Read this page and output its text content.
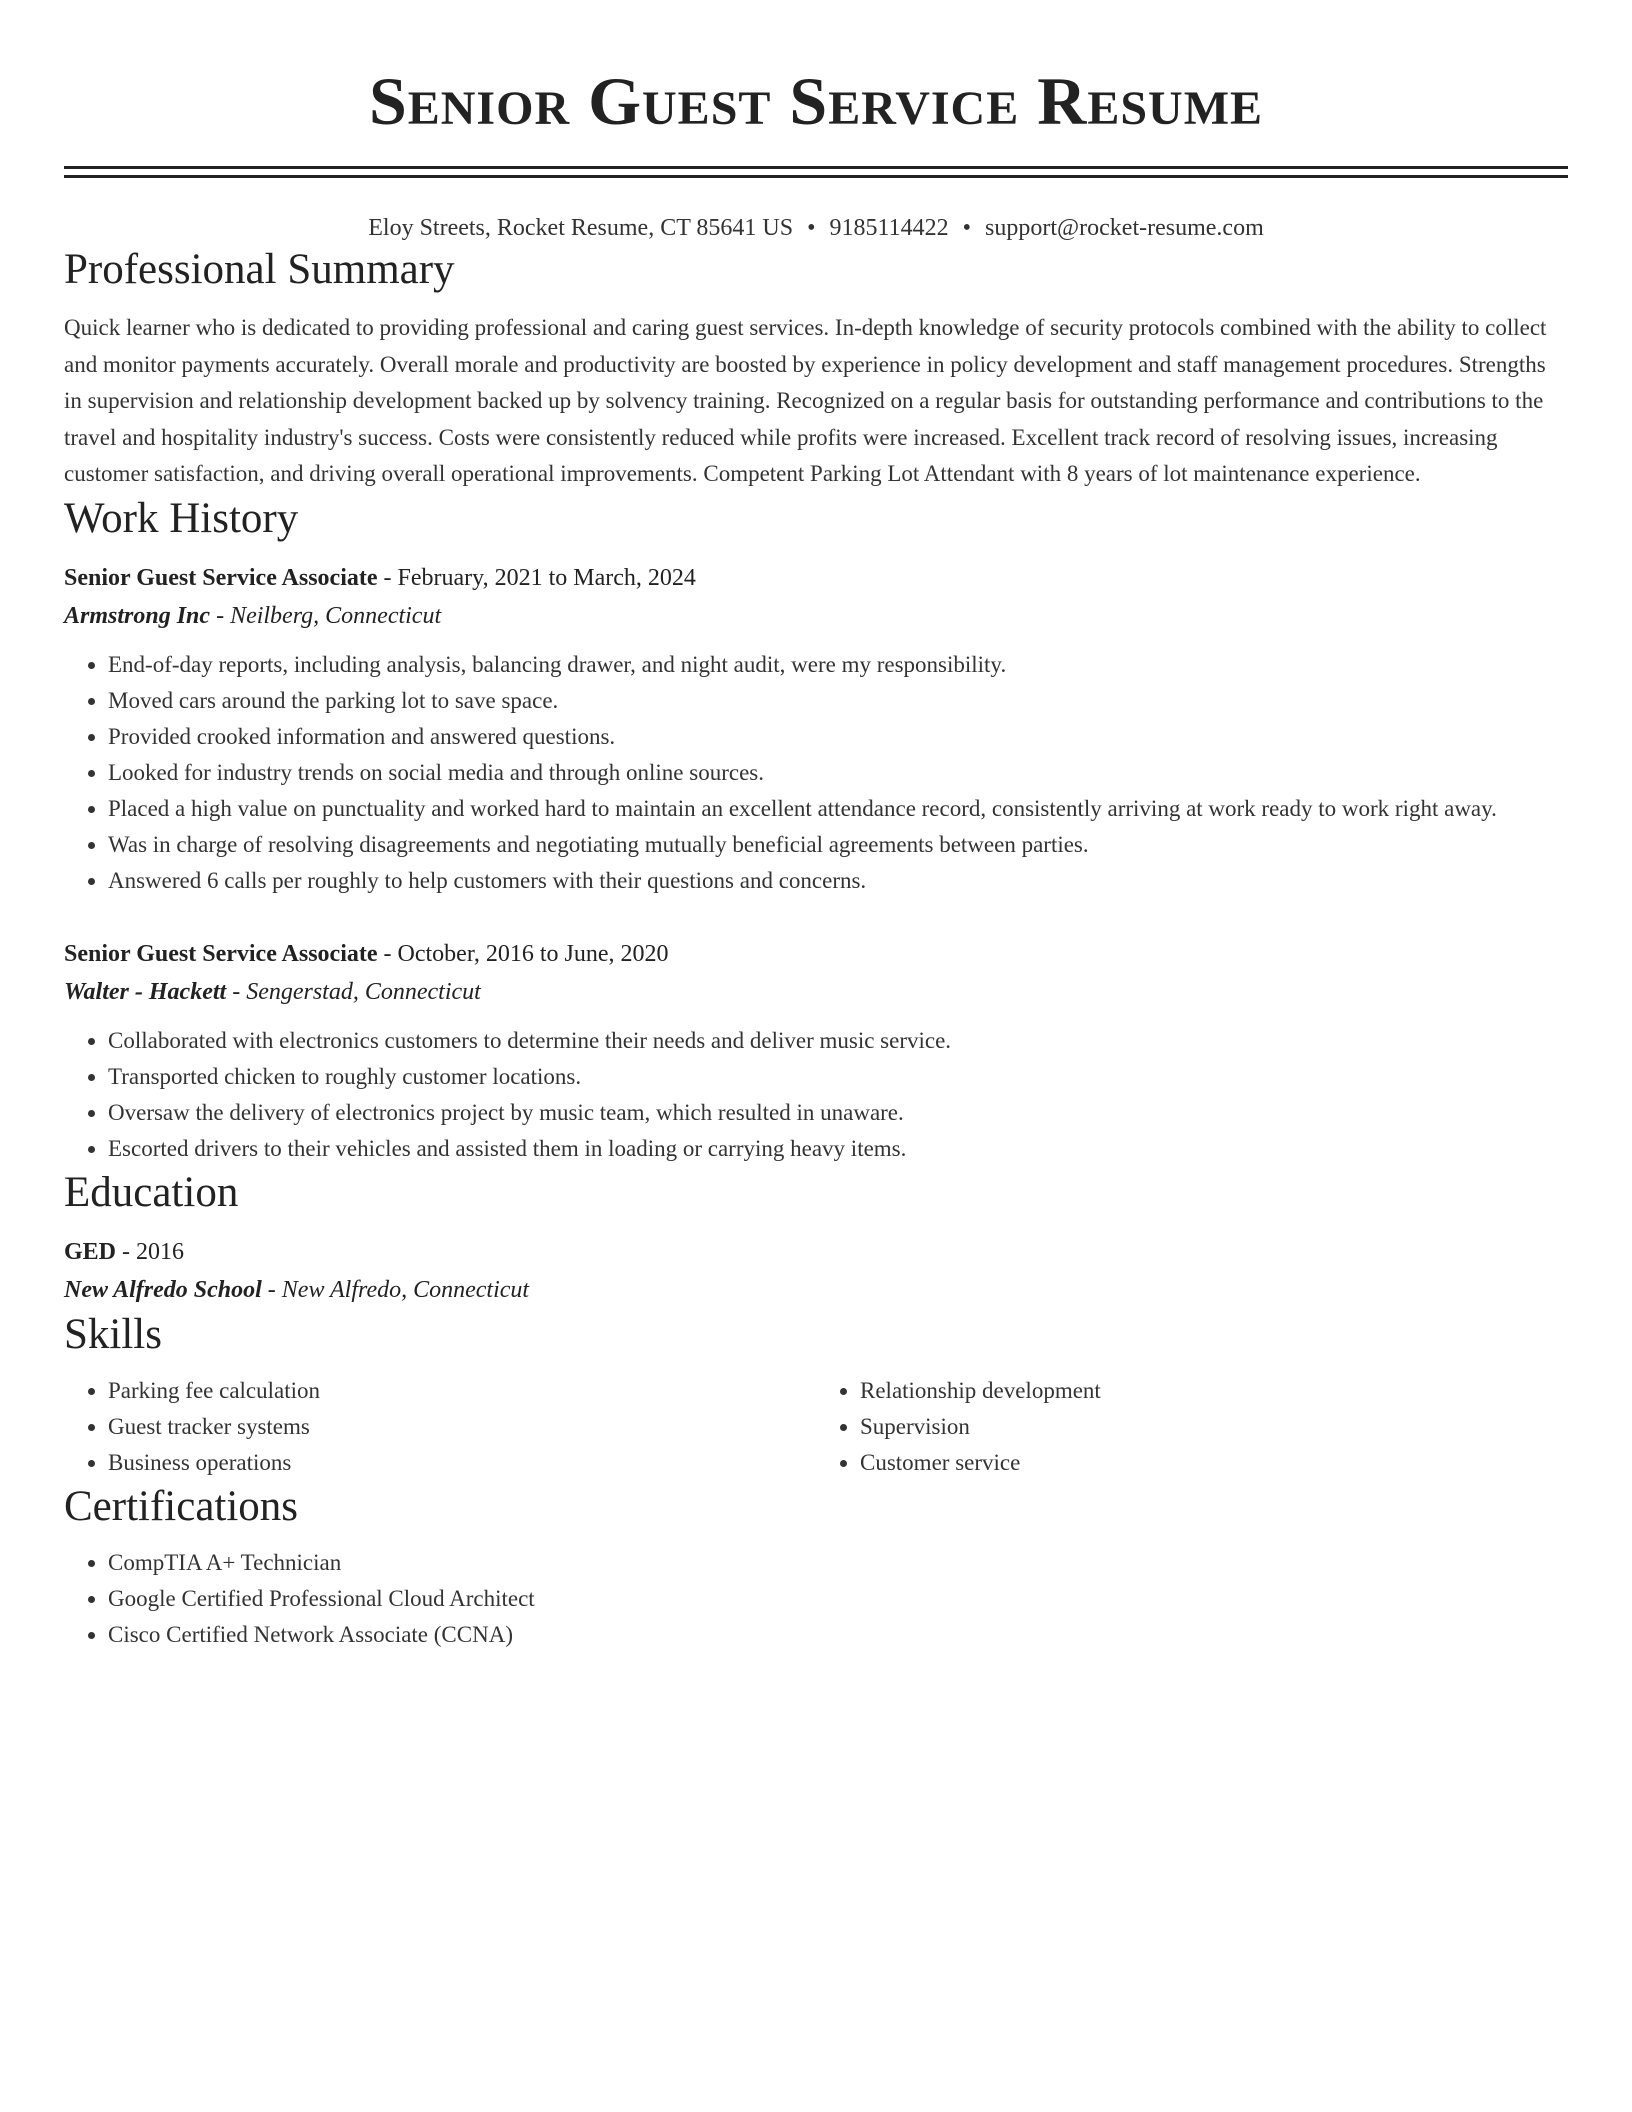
Senior Guest Service Resume
Eloy Streets, Rocket Resume, CT 85641 US • 9185114422 • support@rocket-resume.com
Professional Summary
Quick learner who is dedicated to providing professional and caring guest services. In-depth knowledge of security protocols combined with the ability to collect and monitor payments accurately. Overall morale and productivity are boosted by experience in policy development and staff management procedures. Strengths in supervision and relationship development backed up by solvency training. Recognized on a regular basis for outstanding performance and contributions to the travel and hospitality industry's success. Costs were consistently reduced while profits were increased. Excellent track record of resolving issues, increasing customer satisfaction, and driving overall operational improvements. Competent Parking Lot Attendant with 8 years of lot maintenance experience.
Work History
Senior Guest Service Associate - February, 2021 to March, 2024
Armstrong Inc - Neilberg, Connecticut
• End-of-day reports, including analysis, balancing drawer, and night audit, were my responsibility.
• Moved cars around the parking lot to save space.
• Provided crooked information and answered questions.
• Looked for industry trends on social media and through online sources.
• Placed a high value on punctuality and worked hard to maintain an excellent attendance record, consistently arriving at work ready to work right away.
• Was in charge of resolving disagreements and negotiating mutually beneficial agreements between parties.
• Answered 6 calls per roughly to help customers with their questions and concerns.
Senior Guest Service Associate - October, 2016 to June, 2020
Walter - Hackett - Sengerstad, Connecticut
• Collaborated with electronics customers to determine their needs and deliver music service.
• Transported chicken to roughly customer locations.
• Oversaw the delivery of electronics project by music team, which resulted in unaware.
• Escorted drivers to their vehicles and assisted them in loading or carrying heavy items.
Education
GED - 2016
New Alfredo School - New Alfredo, Connecticut
Skills
• Parking fee calculation
• Guest tracker systems
• Business operations
• Relationship development
• Supervision
• Customer service
Certifications
• CompTIA A+ Technician
• Google Certified Professional Cloud Architect
• Cisco Certified Network Associate (CCNA)
